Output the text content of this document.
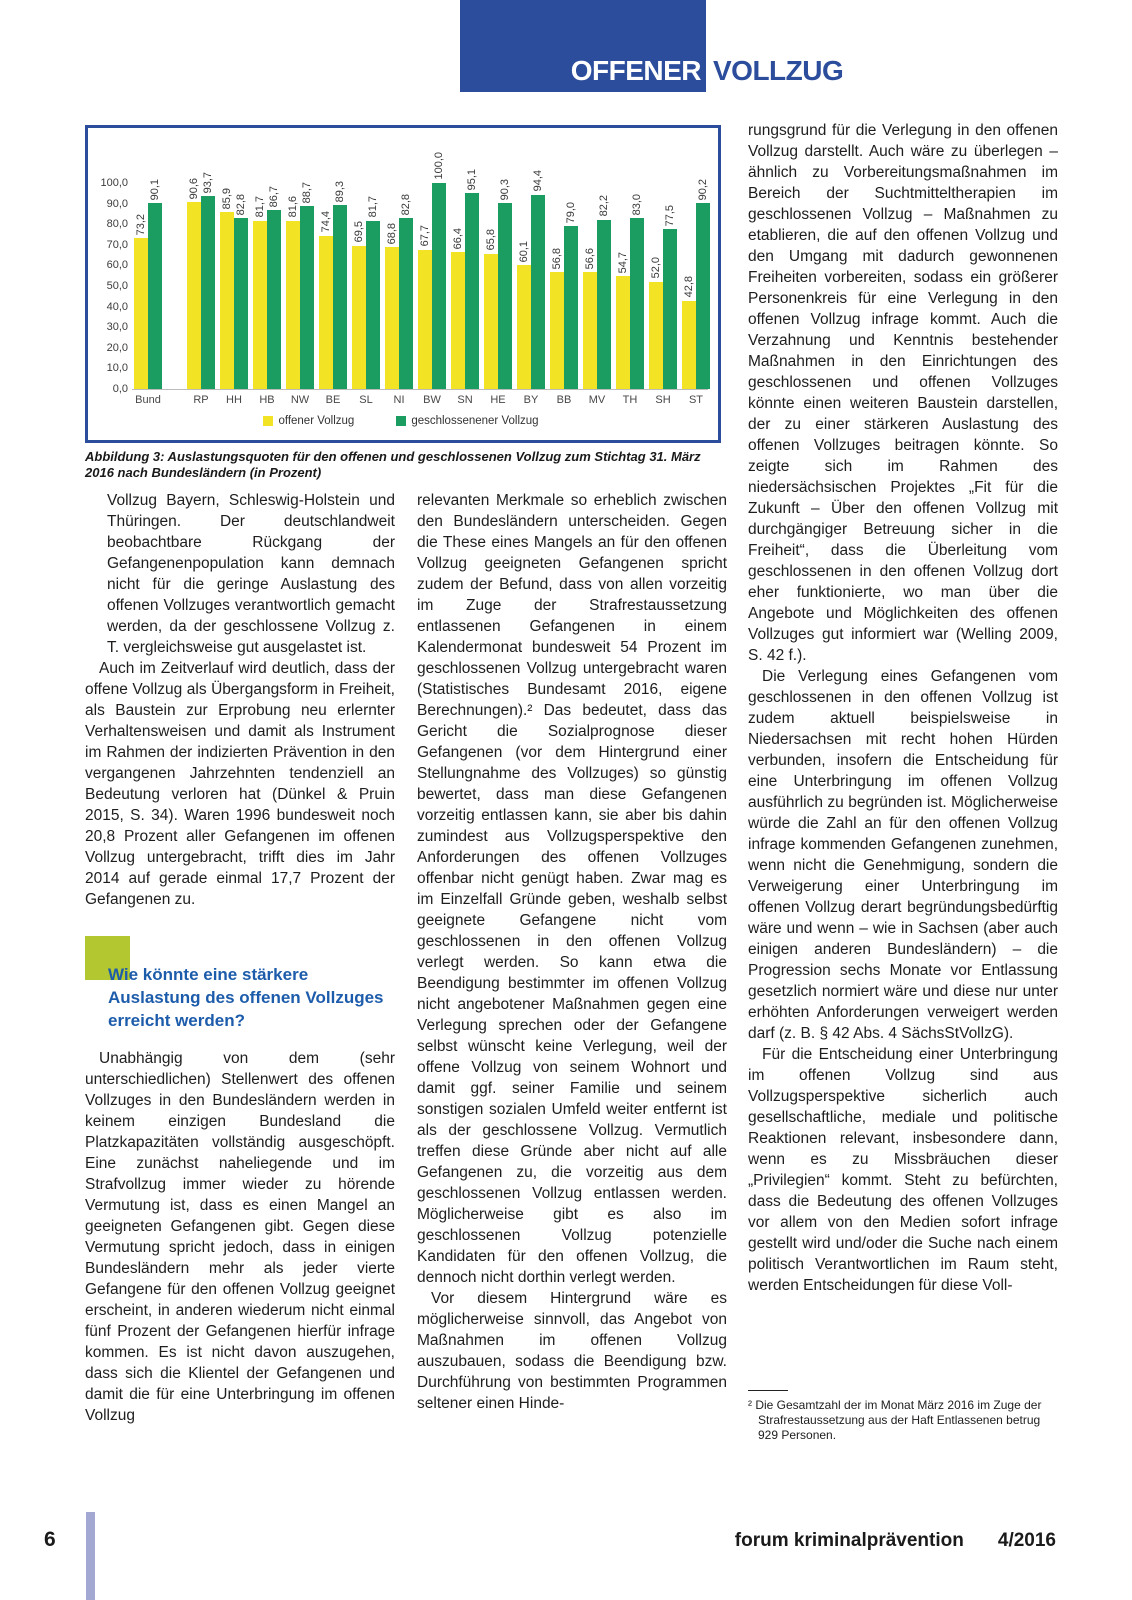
OFFENER VOLLZUG
0,0
10,0
20,0
30,0
40,0
50,0
60,0
70,0
80,0
90,0
100,0
73,2
90,1
Bund
90,6 93,7
RP
85,9 82,8
HH
81,7 86,7
HB
81,6
88,7
NW
74,4
89,3
BE
69,5
81,7
SL
68,8
82,8
NI
67,7
100,0
BW
66,4
95,1
SN
65,8
90,3
HE
60,1
94,4
BY
56,8
79,0
BB
56,6
82,2
MV
54,7
83,0
TH
52,0
77,5
SH
42,8
90,2
ST
offener Vollzug	geschlossenener Vollzug
Abbildung 3: Auslastungsquoten für den offenen und geschlossenen Vollzug zum Stichtag 31. März 2016 nach Bundesländern (in Prozent)

Vollzug Bayern, Schleswig-Holstein und Thüringen. Der deutschlandweit beobachtbare Rückgang der Gefangenenpopulation kann demnach nicht für die geringe Auslastung des offenen Vollzuges verantwortlich gemacht werden, da der geschlossene Vollzug z. T. vergleichsweise gut ausgelastet ist.

Auch im Zeitverlauf wird deutlich, dass der offene Vollzug als Übergangsform in Freiheit, als Baustein zur Erprobung neu erlernter Verhaltensweisen und damit als Instrument im Rahmen der indizierten Prävention in den vergangenen Jahrzehnten tendenziell an Bedeutung verloren hat (Dünkel & Pruin 2015, S. 34). Waren 1996 bundesweit noch 20,8 Prozent aller Gefangenen im offenen Vollzug untergebracht, trifft dies im Jahr 2014 auf gerade einmal 17,7 Prozent der Gefangenen zu.

Wie könnte eine stärkere Auslastung des offenen Vollzuges erreicht werden?

Unabhängig von dem (sehr unterschiedlichen) Stellenwert des offenen Vollzuges in den Bundesländern werden in keinem einzigen Bundesland die Platzkapazitäten vollständig ausgeschöpft. Eine zunächst naheliegende und im Strafvollzug immer wieder zu hörende Vermutung ist, dass es einen Mangel an geeigneten Gefangenen gibt. Gegen diese Vermutung spricht jedoch, dass in einigen Bundesländern mehr als jeder vierte Gefangene für den offenen Vollzug geeignet erscheint, in anderen wiederum nicht einmal fünf Prozent der Gefangenen hierfür infrage kommen. Es ist nicht davon auszugehen, dass sich die Klientel der Gefangenen und damit die für eine Unterbringung im offenen Vollzug

relevanten Merkmale so erheblich zwischen den Bundesländern unterscheiden. Gegen die These eines Mangels an für den offenen Vollzug geeigneten Gefangenen spricht zudem der Befund, dass von allen vorzeitig im Zuge der Strafrestaussetzung entlassenen Gefangenen in einem Kalendermonat bundesweit 54 Prozent im geschlossenen Vollzug untergebracht waren (Statistisches Bundesamt 2016, eigene Berechnungen).² Das bedeutet, dass das Gericht die Sozialprognose dieser Gefangenen (vor dem Hintergrund einer Stellungnahme des Vollzuges) so günstig bewertet, dass man diese Gefangenen vorzeitig entlassen kann, sie aber bis dahin zumindest aus Vollzugsperspektive den Anforderungen des offenen Vollzuges offenbar nicht genügt haben. Zwar mag es im Einzelfall Gründe geben, weshalb selbst geeignete Gefangene nicht vom geschlossenen in den offenen Vollzug verlegt werden. So kann etwa die Beendigung bestimmter im offenen Vollzug nicht angebotener Maßnahmen gegen eine Verlegung sprechen oder der Gefangene selbst wünscht keine Verlegung, weil der offene Vollzug von seinem Wohnort und damit ggf. seiner Familie und seinem sonstigen sozialen Umfeld weiter entfernt ist als der geschlossene Vollzug. Vermutlich treffen diese Gründe aber nicht auf alle Gefangenen zu, die vorzeitig aus dem geschlossenen Vollzug entlassen werden. Möglicherweise gibt es also im geschlossenen Vollzug potenzielle Kandidaten für den offenen Vollzug, die dennoch nicht dorthin verlegt werden.

Vor diesem Hintergrund wäre es möglicherweise sinnvoll, das Angebot von Maßnahmen im offenen Vollzug auszubauen, sodass die Beendigung bzw. Durchführung von bestimmten Programmen seltener einen Hinde-

rungsgrund für die Verlegung in den offenen Vollzug darstellt. Auch wäre zu überlegen – ähnlich zu Vorbereitungsmaßnahmen im Bereich der Suchtmitteltherapien im geschlossenen Vollzug – Maßnahmen zu etablieren, die auf den offenen Vollzug und den Umgang mit dadurch gewonnenen Freiheiten vorbereiten, sodass ein größerer Personenkreis für eine Verlegung in den offenen Vollzug infrage kommt. Auch die Verzahnung und Kenntnis bestehender Maßnahmen in den Einrichtungen des geschlossenen und offenen Vollzuges könnte einen weiteren Baustein darstellen, der zu einer stärkeren Auslastung des offenen Vollzuges beitragen könnte. So zeigte sich im Rahmen des niedersächsischen Projektes „Fit für die Zukunft – Über den offenen Vollzug mit durchgängiger Betreuung sicher in die Freiheit“, dass die Überleitung vom geschlossenen in den offenen Vollzug dort eher funktionierte, wo man über die Angebote und Möglichkeiten des offenen Vollzuges gut informiert war (Welling 2009, S. 42 f.).

Die Verlegung eines Gefangenen vom geschlossenen in den offenen Vollzug ist zudem aktuell beispielsweise in Niedersachsen mit recht hohen Hürden verbunden, insofern die Entscheidung für eine Unterbringung im offenen Vollzug ausführlich zu begründen ist. Möglicherweise würde die Zahl an für den offenen Vollzug infrage kommenden Gefangenen zunehmen, wenn nicht die Genehmigung, sondern die Verweigerung einer Unterbringung im offenen Vollzug derart begründungsbedürftig wäre und wenn – wie in Sachsen (aber auch einigen anderen Bundesländern) – die Progression sechs Monate vor Entlassung gesetzlich normiert wäre und diese nur unter erhöhten Anforderungen verweigert werden darf (z. B. § 42 Abs. 4 SächsStVollzG).

Für die Entscheidung einer Unterbringung im offenen Vollzug sind aus Vollzugsperspektive sicherlich auch gesellschaftliche, mediale und politische Reaktionen relevant, insbesondere dann, wenn es zu Missbräuchen dieser „Privilegien“ kommt. Steht zu befürchten, dass die Bedeutung des offenen Vollzuges vor allem von den Medien sofort infrage gestellt wird und/oder die Suche nach einem politisch Verantwortlichen im Raum steht, werden Entscheidungen für diese Voll-

² Die Gesamtzahl der im Monat März 2016 im Zuge der Strafrestaussetzung aus der Haft Entlassenen betrug 929 Personen.
6	forum kriminalprävention 4/2016
